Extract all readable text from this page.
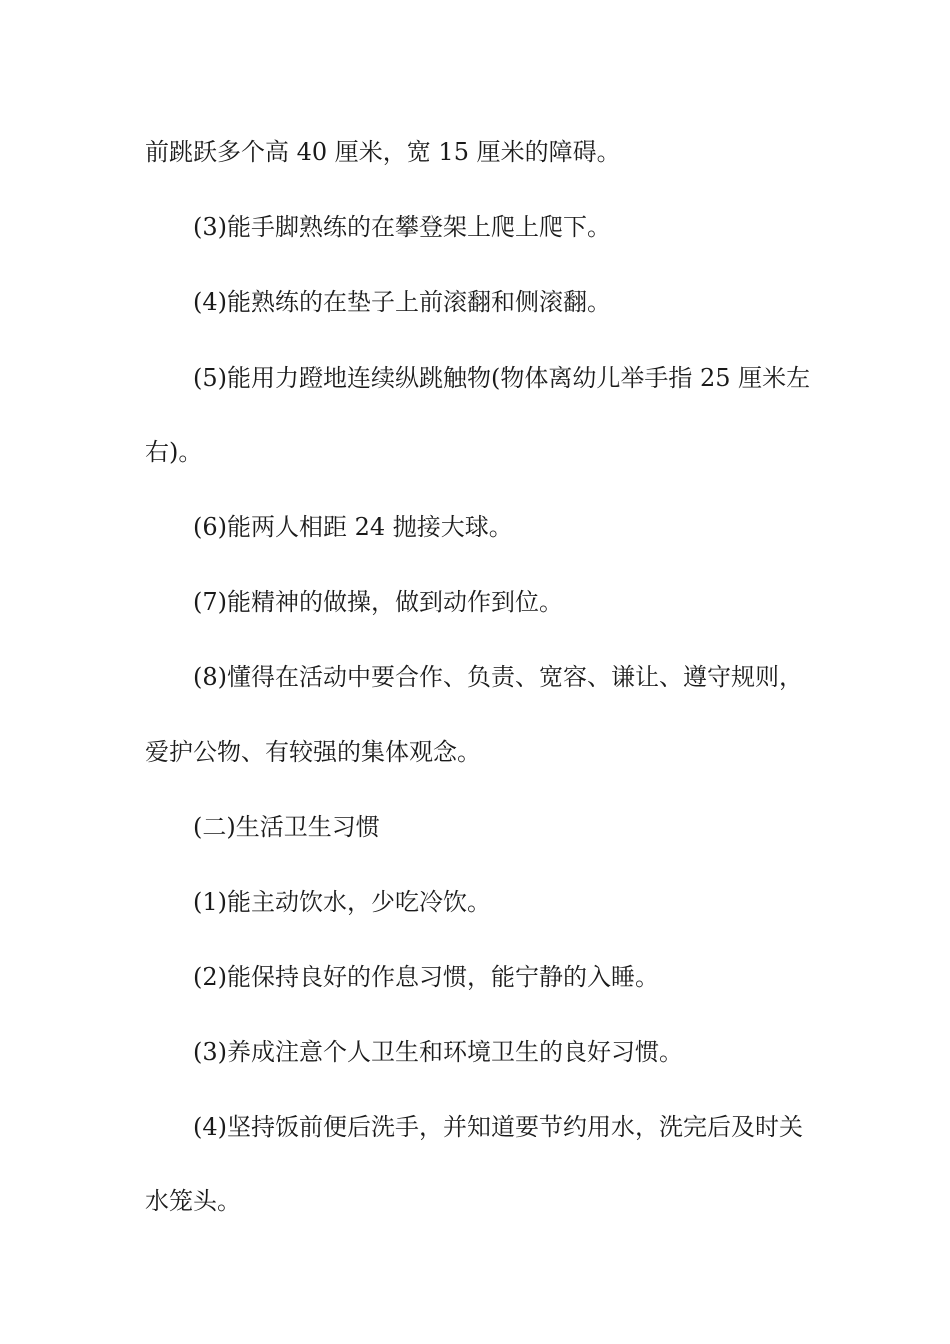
前跳跃多个高 40 厘米，宽 15 厘米的障碍。

(3)能手脚熟练的在攀登架上爬上爬下。

(4)能熟练的在垫子上前滚翻和侧滚翻。

(5)能用力蹬地连续纵跳触物(物体离幼儿举手指 25 厘米左

右)。

(6)能两人相距 24 抛接大球。

(7)能精神的做操，做到动作到位。

(8)懂得在活动中要合作、负责、宽容、谦让、遵守规则，

爱护公物、有较强的集体观念。

(二)生活卫生习惯

(1)能主动饮水，少吃冷饮。

(2)能保持良好的作息习惯，能宁静的入睡。

(3)养成注意个人卫生和环境卫生的良好习惯。

(4)坚持饭前便后洗手，并知道要节约用水，洗完后及时关

水笼头。
